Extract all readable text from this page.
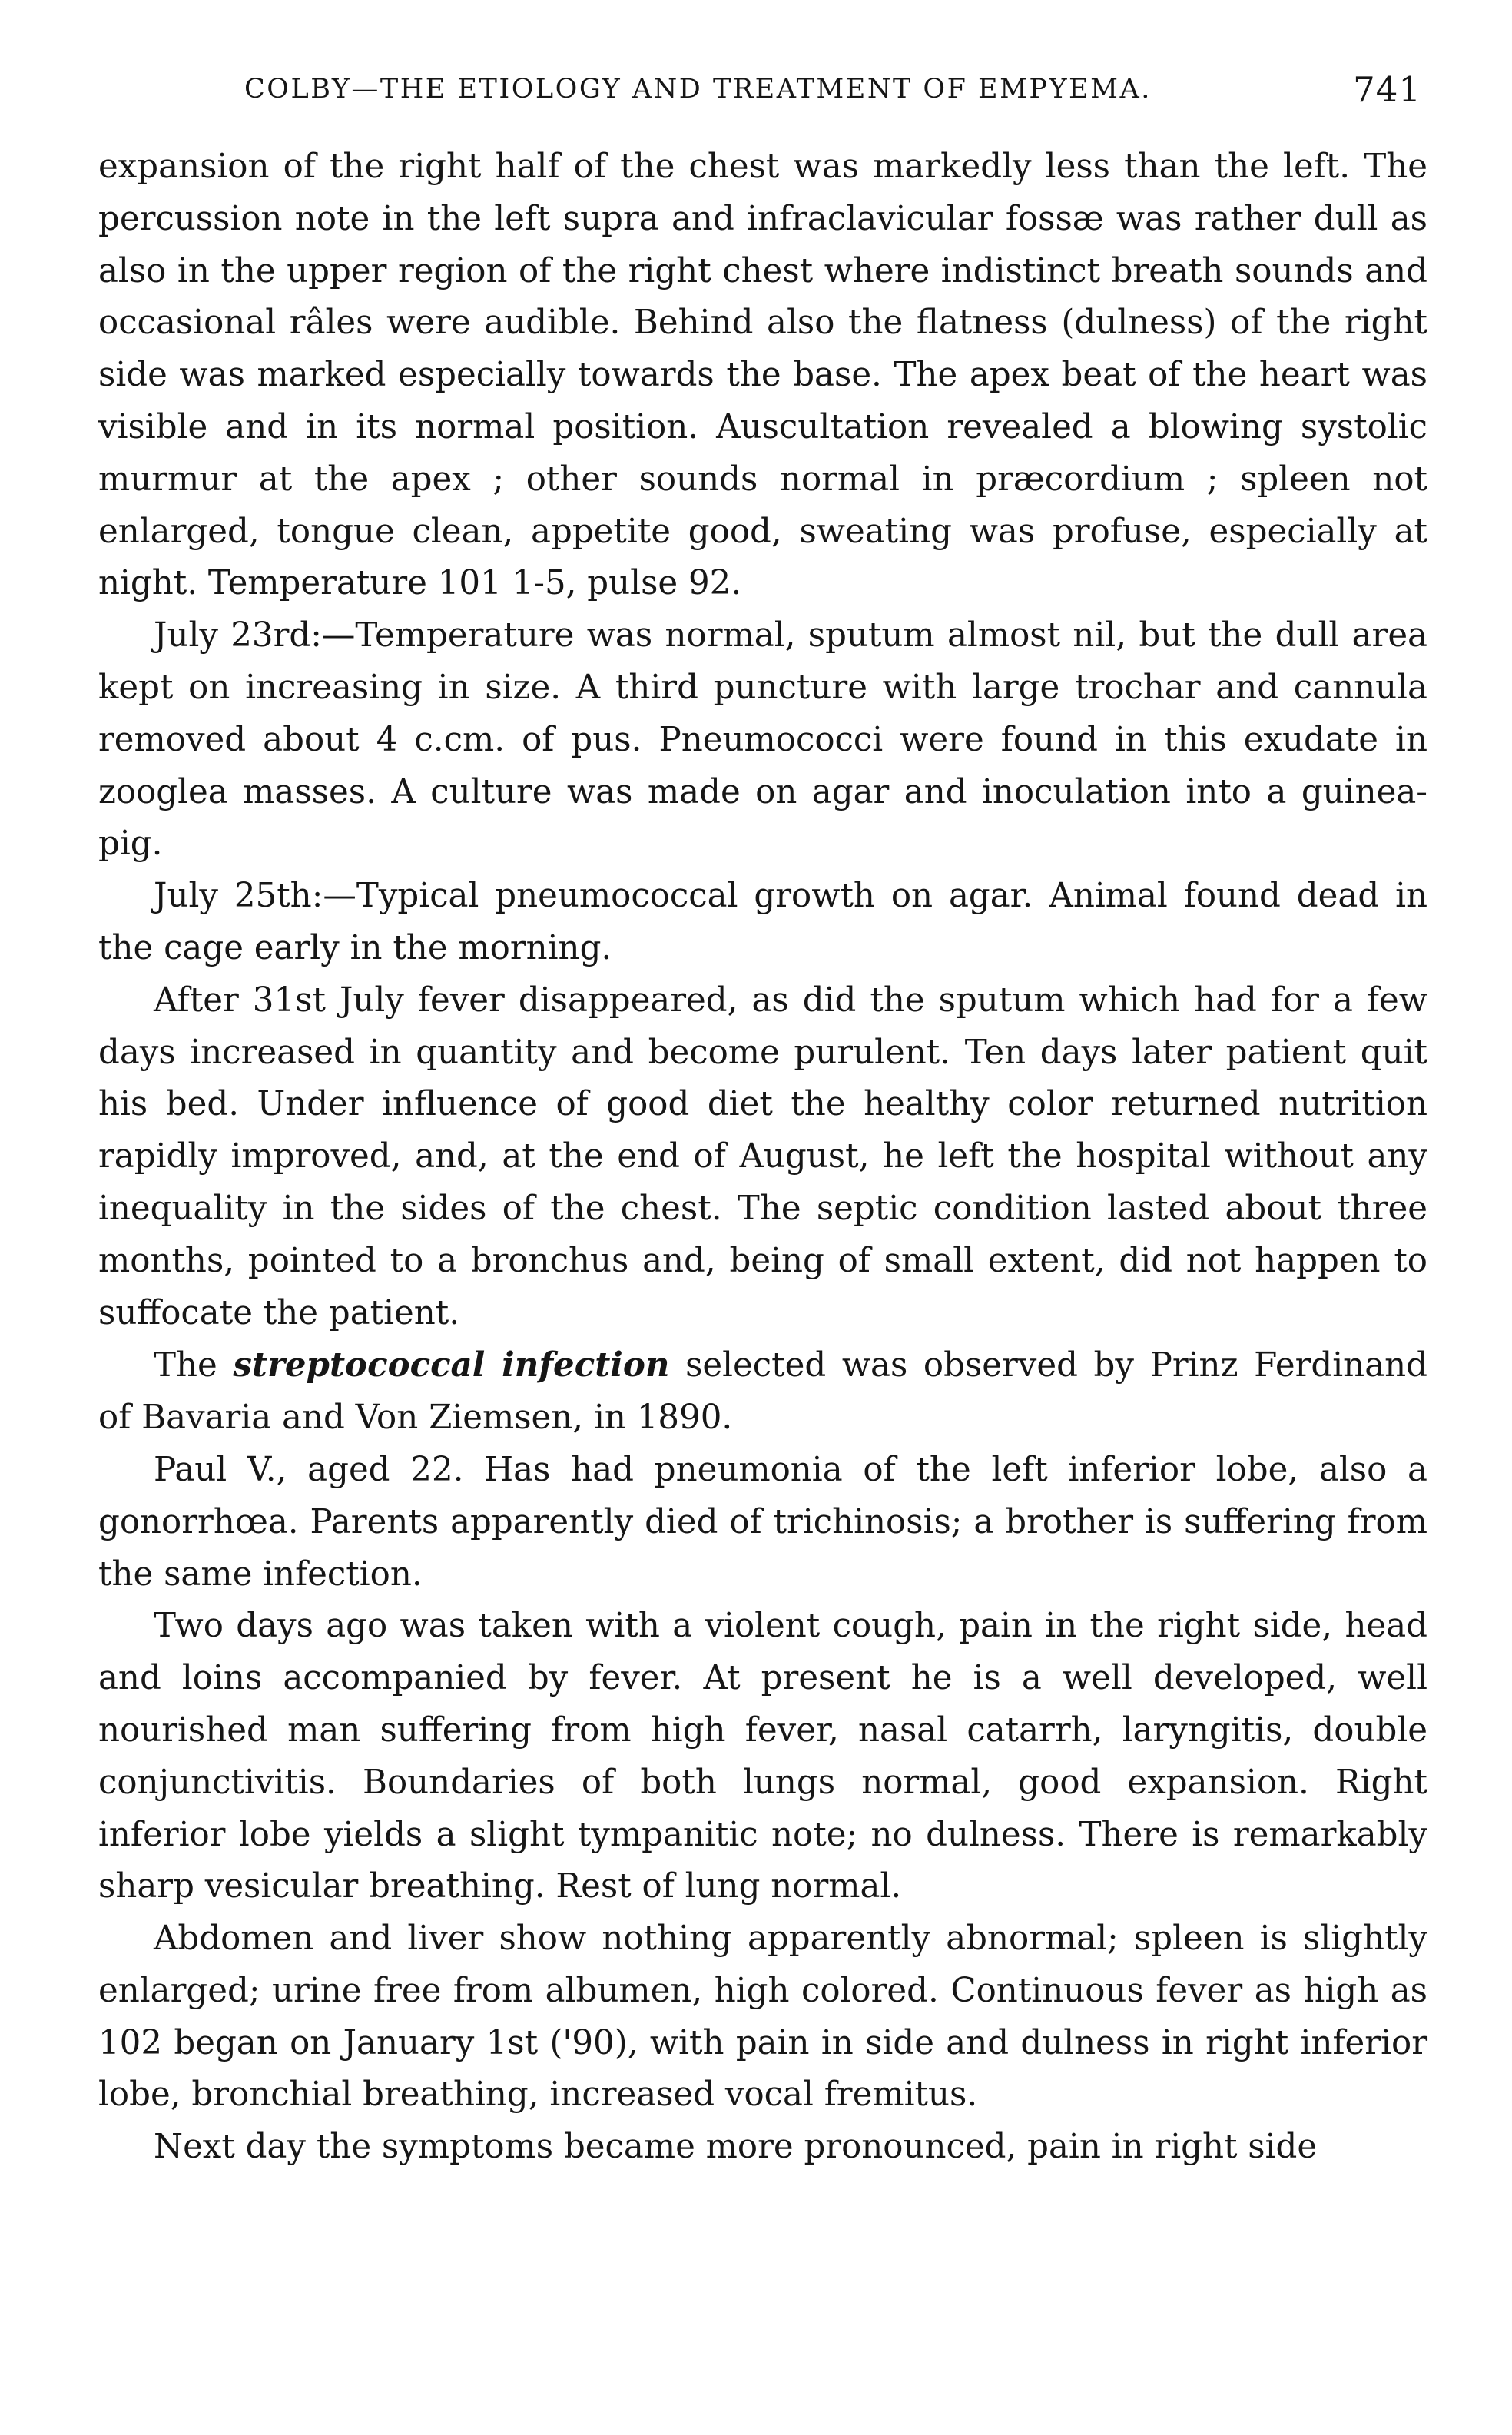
COLBY—THE ETIOLOGY AND TREATMENT OF EMPYEMA.	741

expansion of the right half of the chest was markedly less than the left. The percussion note in the left supra and infraclavicular fossæ was rather dull as also in the upper region of the right chest where indistinct breath sounds and occasional râles were audible. Behind also the flatness (dulness) of the right side was marked especially towards the base. The apex beat of the heart was visible and in its normal position. Auscultation revealed a blowing systolic murmur at the apex ; other sounds normal in præcordium ; spleen not enlarged, tongue clean, appetite good, sweating was profuse, especially at night. Temperature 101 1-5, pulse 92.

July 23rd:—Temperature was normal, sputum almost nil, but the dull area kept on increasing in size. A third puncture with large trochar and cannula removed about 4 c.cm. of pus. Pneumococci were found in this exudate in zooglea masses. A culture was made on agar and inoculation into a guinea-pig.

July 25th:—Typical pneumococcal growth on agar. Animal found dead in the cage early in the morning.

After 31st July fever disappeared, as did the sputum which had for a few days increased in quantity and become purulent. Ten days later patient quit his bed. Under influence of good diet the healthy color returned nutrition rapidly improved, and, at the end of August, he left the hospital without any inequality in the sides of the chest. The septic condition lasted about three months, pointed to a bronchus and, being of small extent, did not happen to suffocate the patient.

The streptococcal infection selected was observed by Prinz Ferdinand of Bavaria and Von Ziemsen, in 1890.

Paul V., aged 22. Has had pneumonia of the left inferior lobe, also a gonorrhœa. Parents apparently died of trichinosis; a brother is suffering from the same infection.

Two days ago was taken with a violent cough, pain in the right side, head and loins accompanied by fever. At present he is a well developed, well nourished man suffering from high fever, nasal catarrh, laryngitis, double conjunctivitis. Boundaries of both lungs normal, good expansion. Right inferior lobe yields a slight tympanitic note; no dulness. There is remarkably sharp vesicular breathing. Rest of lung normal.

Abdomen and liver show nothing apparently abnormal; spleen is slightly enlarged; urine free from albumen, high colored. Continuous fever as high as 102 began on January 1st ('90), with pain in side and dulness in right inferior lobe, bronchial breathing, increased vocal fremitus.

Next day the symptoms became more pronounced, pain in right side
